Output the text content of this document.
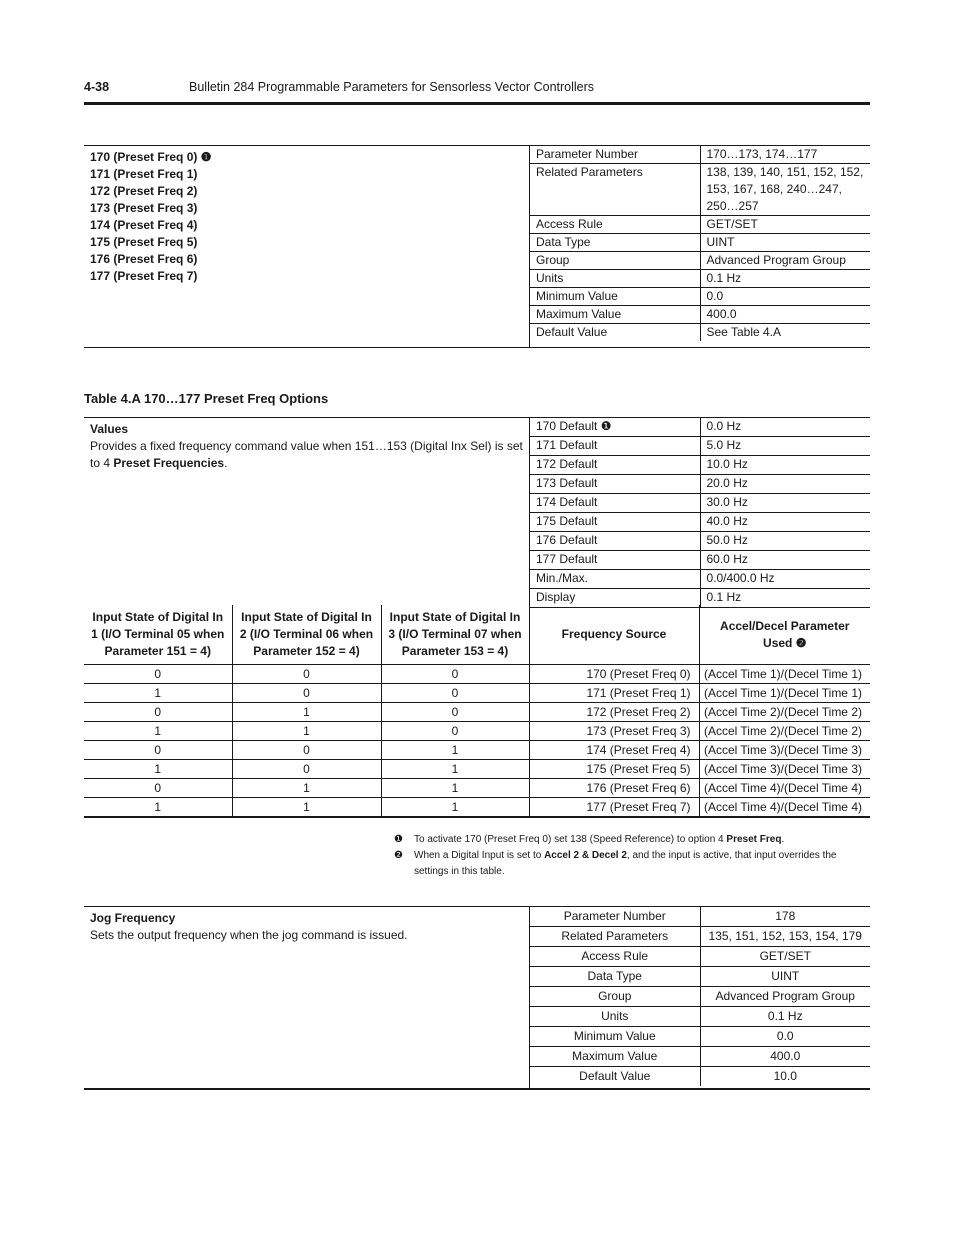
4-38	Bulletin 284 Programmable Parameters for Sensorless Vector Controllers
170 (Preset Freq 0) ❶
171 (Preset Freq 1)
172 (Preset Freq 2)
173 (Preset Freq 3)
174 (Preset Freq 4)
175 (Preset Freq 5)
176 (Preset Freq 6)
177 (Preset Freq 7)
Parameter Number	170…173, 174…177
Related Parameters	138, 139, 140, 151, 152, 152, 153, 167, 168, 240…247, 250…257
Access Rule	GET/SET
Data Type	UINT
Group	Advanced Program Group
Units	0.1 Hz
Minimum Value	0.0
Maximum Value	400.0
Default Value	See Table 4.A
Table 4.A 170…177 Preset Freq Options
Values
Provides a fixed frequency command value when 151…153 (Digital Inx Sel) is set to 4 Preset Frequencies.
170 Default ❶	0.0 Hz
171 Default	5.0 Hz
172 Default	10.0 Hz
173 Default	20.0 Hz
174 Default	30.0 Hz
175 Default	40.0 Hz
176 Default	50.0 Hz
177 Default	60.0 Hz
Min./Max.	0.0/400.0 Hz
Display	0.1 Hz
Input State of Digital In 1 (I/O Terminal 05 when Parameter 151 = 4)	Input State of Digital In 2 (I/O Terminal 06 when Parameter 152 = 4)	Input State of Digital In 3 (I/O Terminal 07 when Parameter 153 = 4)	Frequency Source	Accel/Decel Parameter Used ❷
0	0	0	170 (Preset Freq 0)	(Accel Time 1)/(Decel Time 1)
1	0	0	171 (Preset Freq 1)	(Accel Time 1)/(Decel Time 1)
0	1	0	172 (Preset Freq 2)	(Accel Time 2)/(Decel Time 2)
1	1	0	173 (Preset Freq 3)	(Accel Time 2)/(Decel Time 2)
0	0	1	174 (Preset Freq 4)	(Accel Time 3)/(Decel Time 3)
1	0	1	175 (Preset Freq 5)	(Accel Time 3)/(Decel Time 3)
0	1	1	176 (Preset Freq 6)	(Accel Time 4)/(Decel Time 4)
1	1	1	177 (Preset Freq 7)	(Accel Time 4)/(Decel Time 4)
❶ To activate 170 (Preset Freq 0) set 138 (Speed Reference) to option 4 Preset Freq.
❷ When a Digital Input is set to Accel 2 & Decel 2, and the input is active, that input overrides the settings in this table.
Jog Frequency
Sets the output frequency when the jog command is issued.
Parameter Number	178
Related Parameters	135, 151, 152, 153, 154, 179
Access Rule	GET/SET
Data Type	UINT
Group	Advanced Program Group
Units	0.1 Hz
Minimum Value	0.0
Maximum Value	400.0
Default Value	10.0
